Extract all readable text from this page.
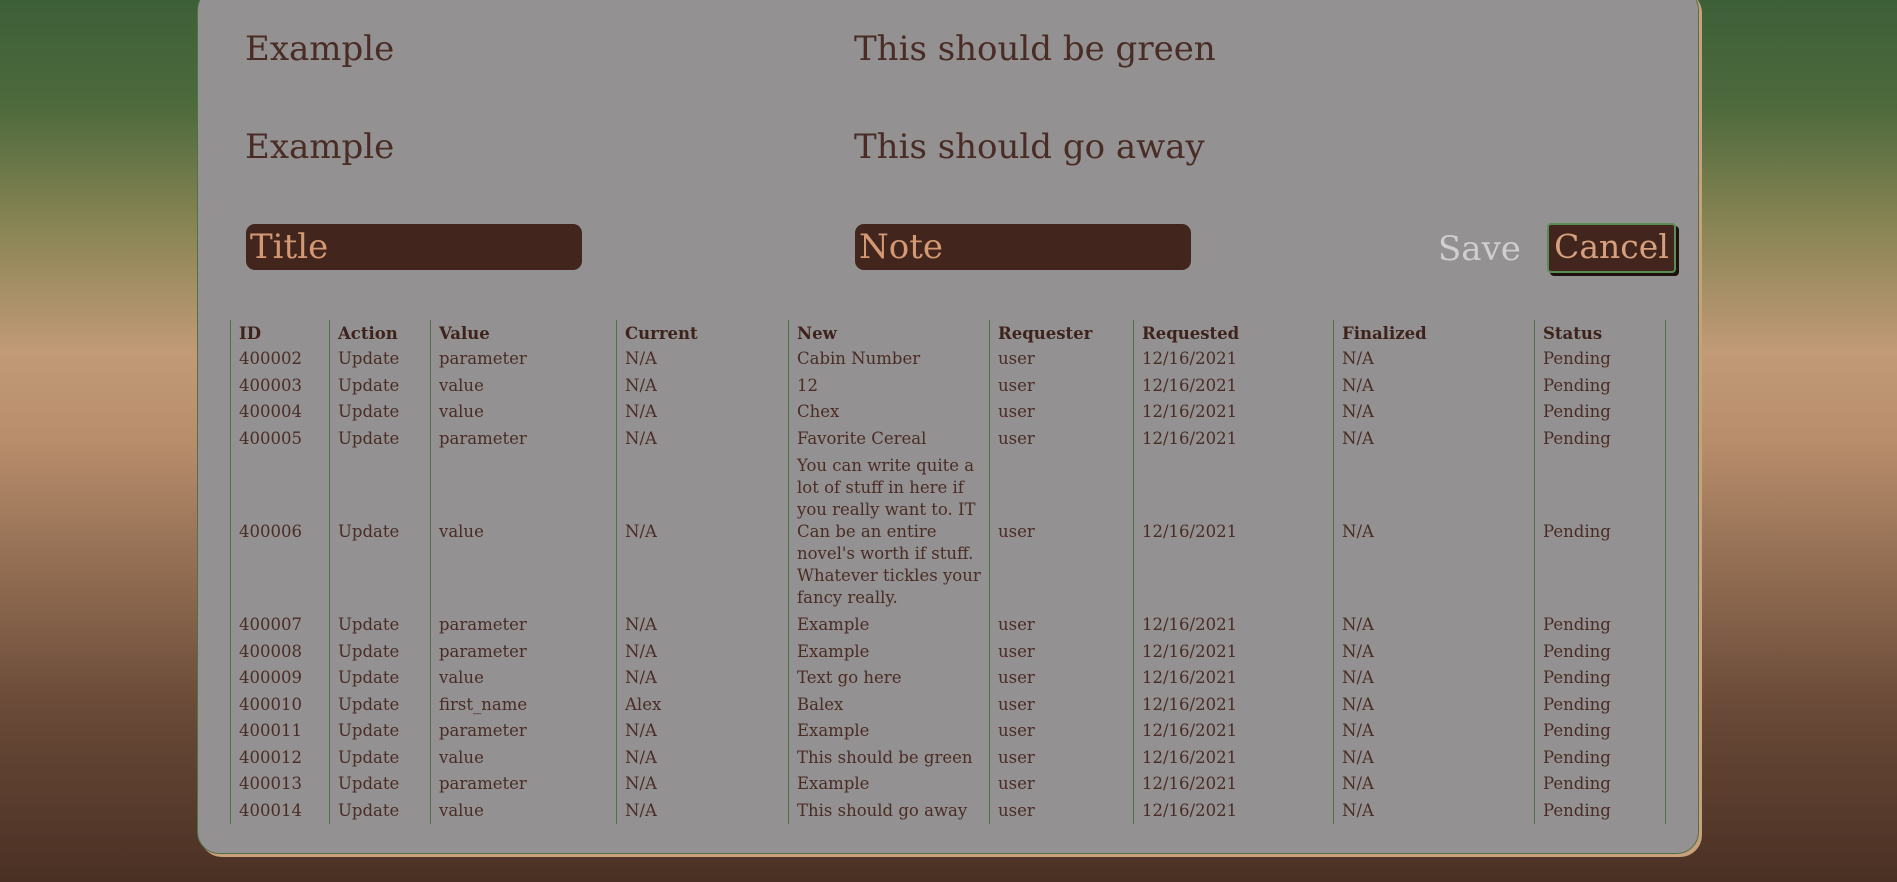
Example	This should be green
Example	This should go away
Title	Note	Save Cancel
ID	Action	Value	Current	New	Requester	Requested	Finalized	Status
400002	Update	parameter	N/A	Cabin Number	user	12/16/2021	N/A	Pending
400003	Update	value	N/A	12	user	12/16/2021	N/A	Pending
400004	Update	value	N/A	Chex	user	12/16/2021	N/A	Pending
400005	Update	parameter	N/A	Favorite Cereal	user	12/16/2021	N/A	Pending
400006	Update	value	N/A	You can write quite a lot of stuff in here if you really want to. IT Can be an entire novel's worth if stuff. Whatever tickles your fancy really.	user	12/16/2021	N/A	Pending
400007	Update	parameter	N/A	Example	user	12/16/2021	N/A	Pending
400008	Update	parameter	N/A	Example	user	12/16/2021	N/A	Pending
400009	Update	value	N/A	Text go here	user	12/16/2021	N/A	Pending
400010	Update	first_name	Alex	Balex	user	12/16/2021	N/A	Pending
400011	Update	parameter	N/A	Example	user	12/16/2021	N/A	Pending
400012	Update	value	N/A	This should be green	user	12/16/2021	N/A	Pending
400013	Update	parameter	N/A	Example	user	12/16/2021	N/A	Pending
400014	Update	value	N/A	This should go away	user	12/16/2021	N/A	Pending
